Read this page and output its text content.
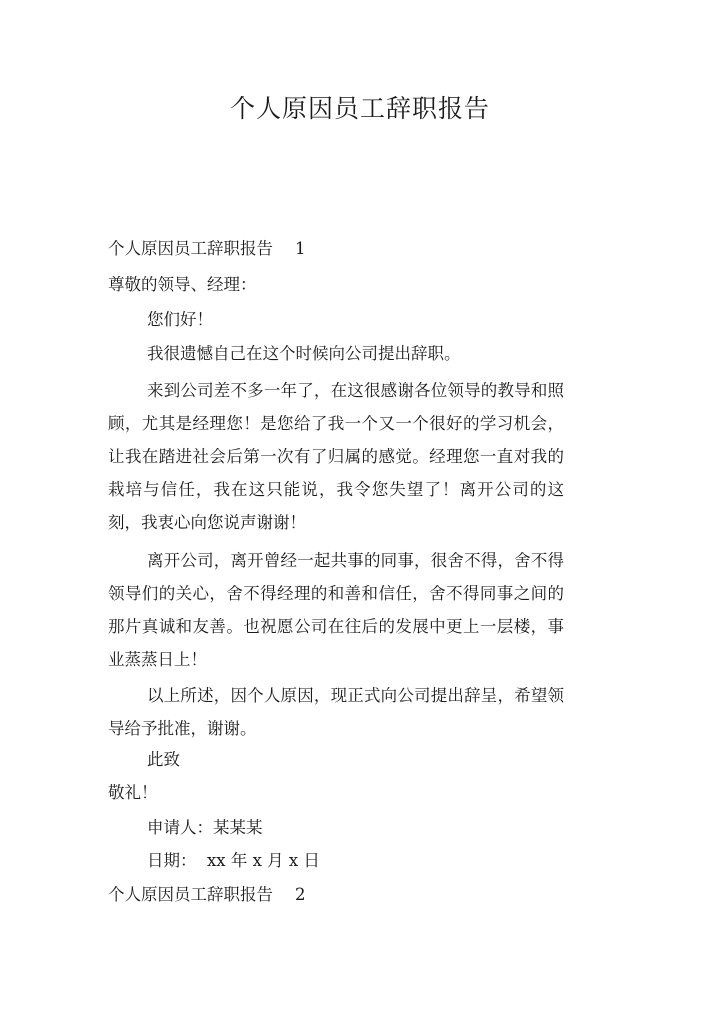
个人原因员工辞职报告
个人原因员工辞职报告 1
尊敬的领导、经理：
您们好！
我很遗憾自己在这个时候向公司提出辞职。
来到公司差不多一年了，在这很感谢各位领导的教导和照顾，尤其是经理您！是您给了我一个又一个很好的学习机会，让我在踏进社会后第一次有了归属的感觉。经理您一直对我的栽培与信任，我在这只能说，我令您失望了！离开公司的这刻，我衷心向您说声谢谢！
离开公司，离开曾经一起共事的同事，很舍不得，舍不得领导们的关心，舍不得经理的和善和信任，舍不得同事之间的那片真诚和友善。也祝愿公司在往后的发展中更上一层楼，事业蒸蒸日上！
以上所述，因个人原因，现正式向公司提出辞呈，希望领导给予批准，谢谢。
此致
敬礼！
申请人：某某某
日期：  xx 年 x 月 x 日
个人原因员工辞职报告 2
